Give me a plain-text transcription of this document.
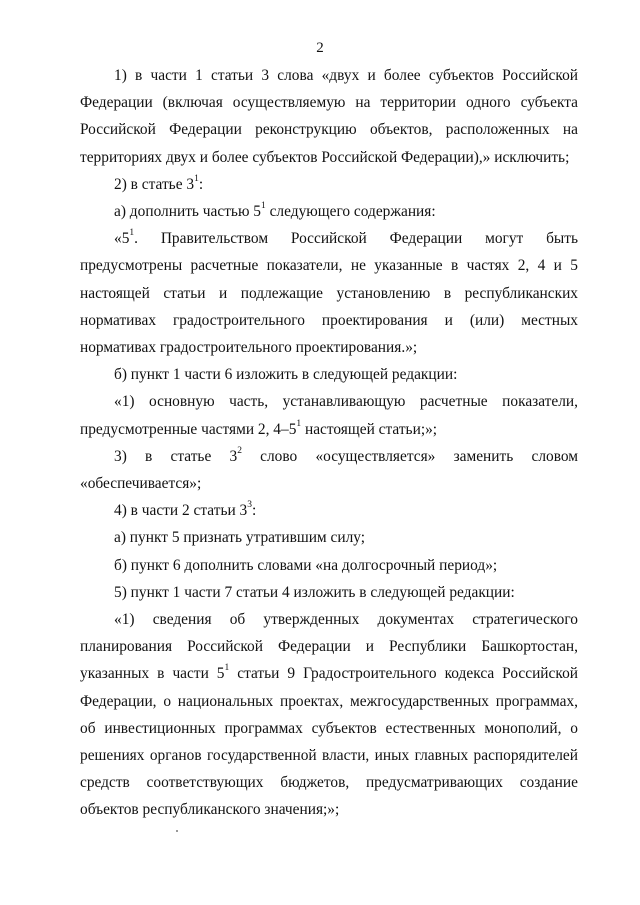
2

1) в части 1 статьи 3 слова «двух и более субъектов Российской Федерации (включая осуществляемую на территории одного субъекта Российской Федерации реконструкцию объектов, расположенных на территориях двух и более субъектов Российской Федерации),» исключить;

2) в статье $3^1$:

а) дополнить частью $5^1$ следующего содержания:

«$5^1$. Правительством Российской Федерации могут быть предусмотрены расчетные показатели, не указанные в частях 2, 4 и 5 настоящей статьи и подлежащие установлению в республиканских нормативах градостроительного проектирования и (или) местных нормативах градостроительного проектирования.»;

б) пункт 1 части 6 изложить в следующей редакции:

«1) основную часть, устанавливающую расчетные показатели, предусмотренные частями 2, $4-5^1$ настоящей статьи;»;

3) в статье $3^2$ слово «осуществляется» заменить словом «обеспечивается»;

4) в части 2 статьи $3^3$:

а) пункт 5 признать утратившим силу;

б) пункт 6 дополнить словами «на долгосрочный период»;

5) пункт 1 части 7 статьи 4 изложить в следующей редакции:

«1) сведения об утвержденных документах стратегического планирования Российской Федерации и Республики Башкортостан, указанных в части $5^1$ статьи 9 Градостроительного кодекса Российской Федерации, о национальных проектах, межгосударственных программах, об инвестиционных программах субъектов естественных монополий, о решениях органов государственной власти, иных главных распорядителей средств соответствующих бюджетов, предусматривающих создание объектов республиканского значения;»;
